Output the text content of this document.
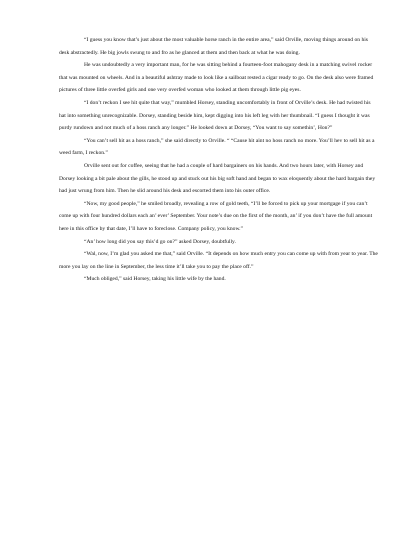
“I guess you know that’s just about the most valuable horse ranch in the entire area,” said Orville, moving things around on his desk abstractedly. He big jowls swung to and fro as he glanced at them and then back at what he was doing.

He was undoubtedly a very important man, for he was sitting behind a fourteen-foot mahogany desk in a matching swivel rocker that was mounted on wheels. And in a beautiful ashtray made to look like a sailboat rested a cigar ready to go. On the desk also were framed pictures of three little overfed girls and one very overfed woman who looked at them through little pig eyes.

“I don’t reckon I see hit quite that way,” mumbled Horsey, standing uncomfortably in front of Orville’s desk. He had twisted his hat into something unrecognizable. Dorsey, standing beside him, kept digging into his left leg with her thumbnail. “I guess I thought it was purdy rundown and not much of a hoss ranch any longer.” He looked down at Dorsey, “You want to say somethin’, Hon?”

“You can’t sell hit as a hoss ranch,” she said directly to Orville. “ “Cause hit aint no hoss ranch no more. You’ll hev to sell hit as a weed farm, I reckon.”

Orville sent out for coffee, seeing that he had a couple of hard bargainers on his hands. And two hours later, with Horsey and Dorsey looking a bit pale about the gills, he stood up and stuck out his big soft hand and began to wax eloquently about the hard bargain they had just wrung from him. Then he slid around his desk and escorted them into his outer office.

“Now, my good people,” he smiled broadly, revealing a row of gold teeth, “I’ll be forced to pick up your mortgage if you can’t come up with four hundred dollars each an’ ever’ September. Your note’s due on the first of the month, an’ if you don’t have the full amount here in this office by that date, I’ll have to foreclose. Company policy, you know.”

“An’ how long did you say this’d go on?” asked Dorsey, doubtfully.

“Wal, now, I’m glad you asked me that,” said Orville. “It depends on how much entry you can come up with from year to year. The more you lay on the line in September, the less time it’ll take you to pay the place off.”

“Much obliged,” said Horsey, taking his little wife by the hand.
